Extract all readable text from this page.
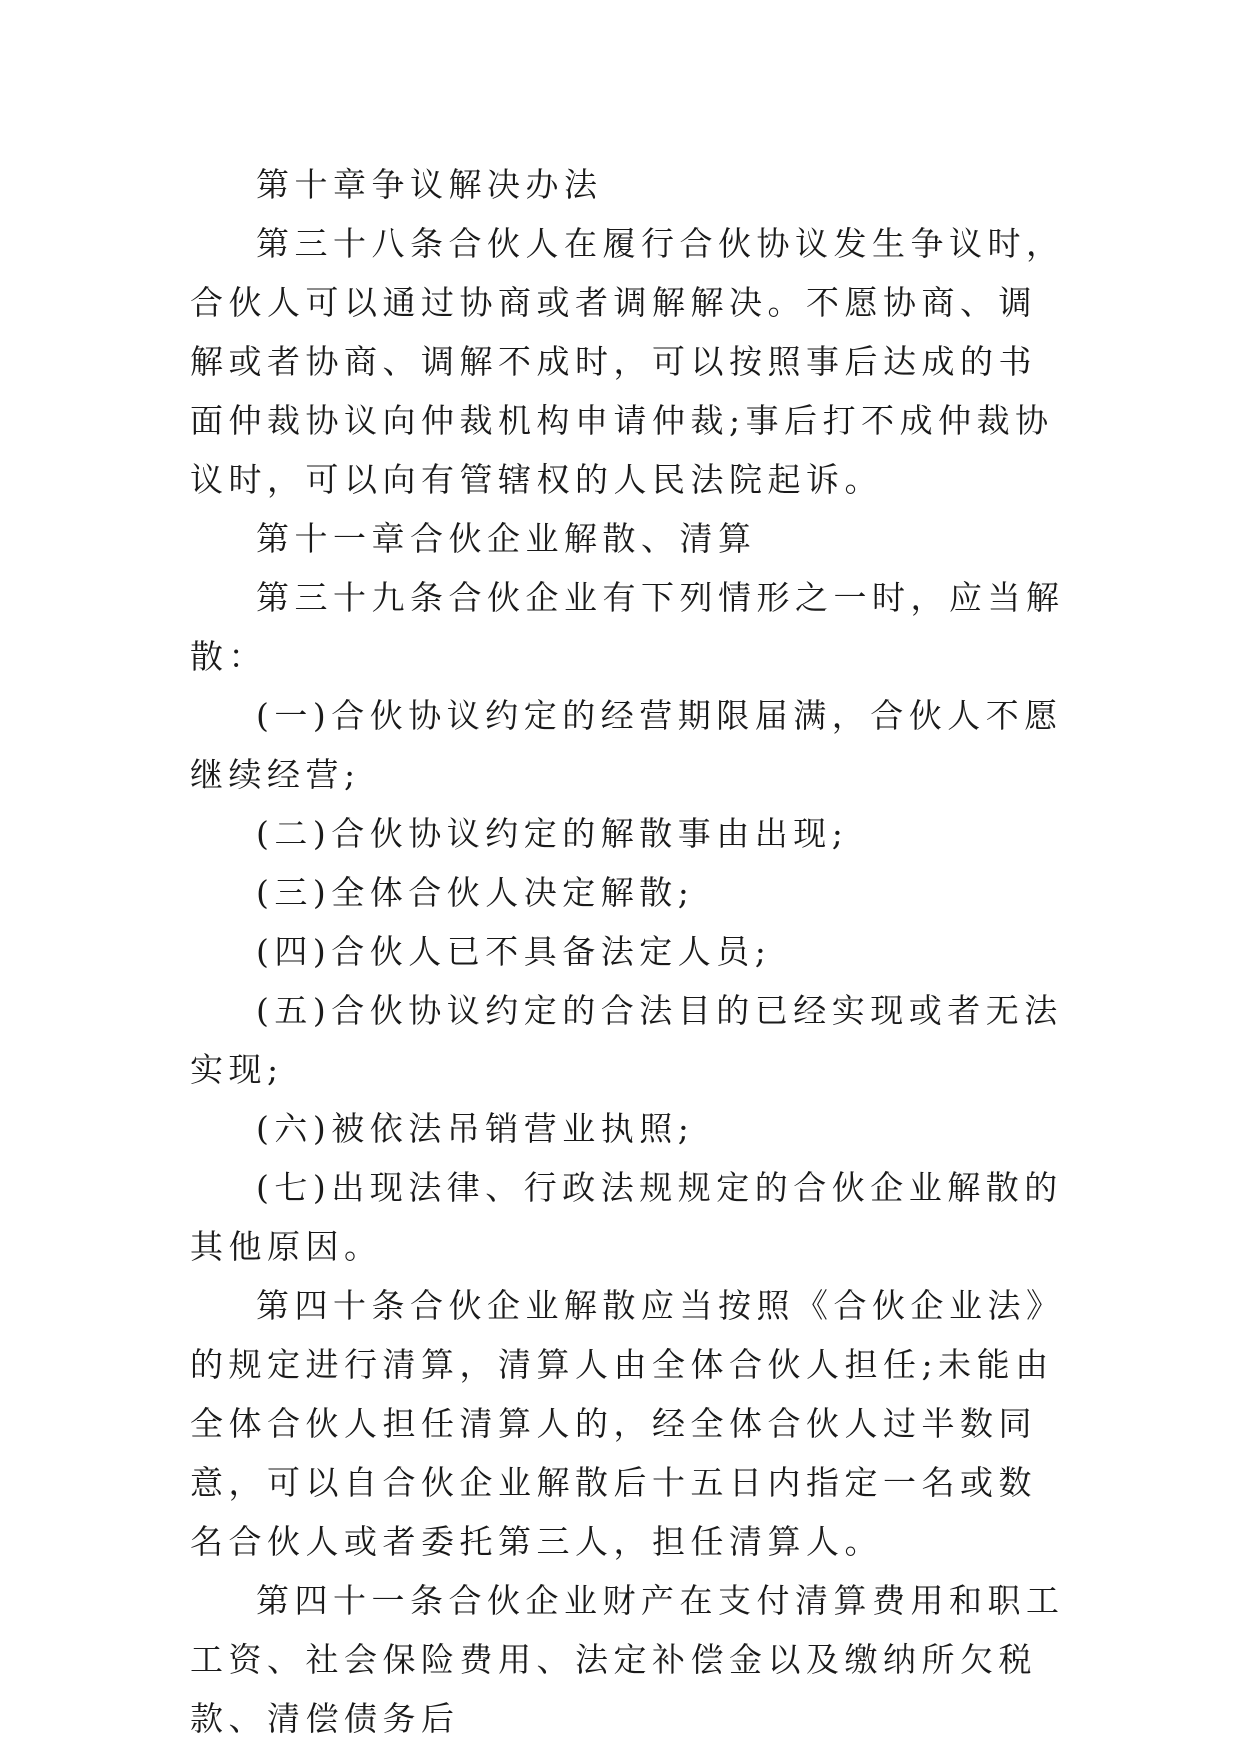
第十章争议解决办法

第三十八条合伙人在履行合伙协议发生争议时，合伙人可以通过协商或者调解解决。不愿协商、调解或者协商、调解不成时，可以按照事后达成的书面仲裁协议向仲裁机构申请仲裁;事后打不成仲裁协议时，可以向有管辖权的人民法院起诉。

第十一章合伙企业解散、清算

第三十九条合伙企业有下列情形之一时，应当解散：

(一)合伙协议约定的经营期限届满，合伙人不愿继续经营;

(二)合伙协议约定的解散事由出现;

(三)全体合伙人决定解散;

(四)合伙人已不具备法定人员;

(五)合伙协议约定的合法目的已经实现或者无法实现;

(六)被依法吊销营业执照;

(七)出现法律、行政法规规定的合伙企业解散的其他原因。

第四十条合伙企业解散应当按照《合伙企业法》的规定进行清算，清算人由全体合伙人担任;未能由全体合伙人担任清算人的，经全体合伙人过半数同意，可以自合伙企业解散后十五日内指定一名或数名合伙人或者委托第三人，担任清算人。

第四十一条合伙企业财产在支付清算费用和职工工资、社会保险费用、法定补偿金以及缴纳所欠税款、清偿债务后
